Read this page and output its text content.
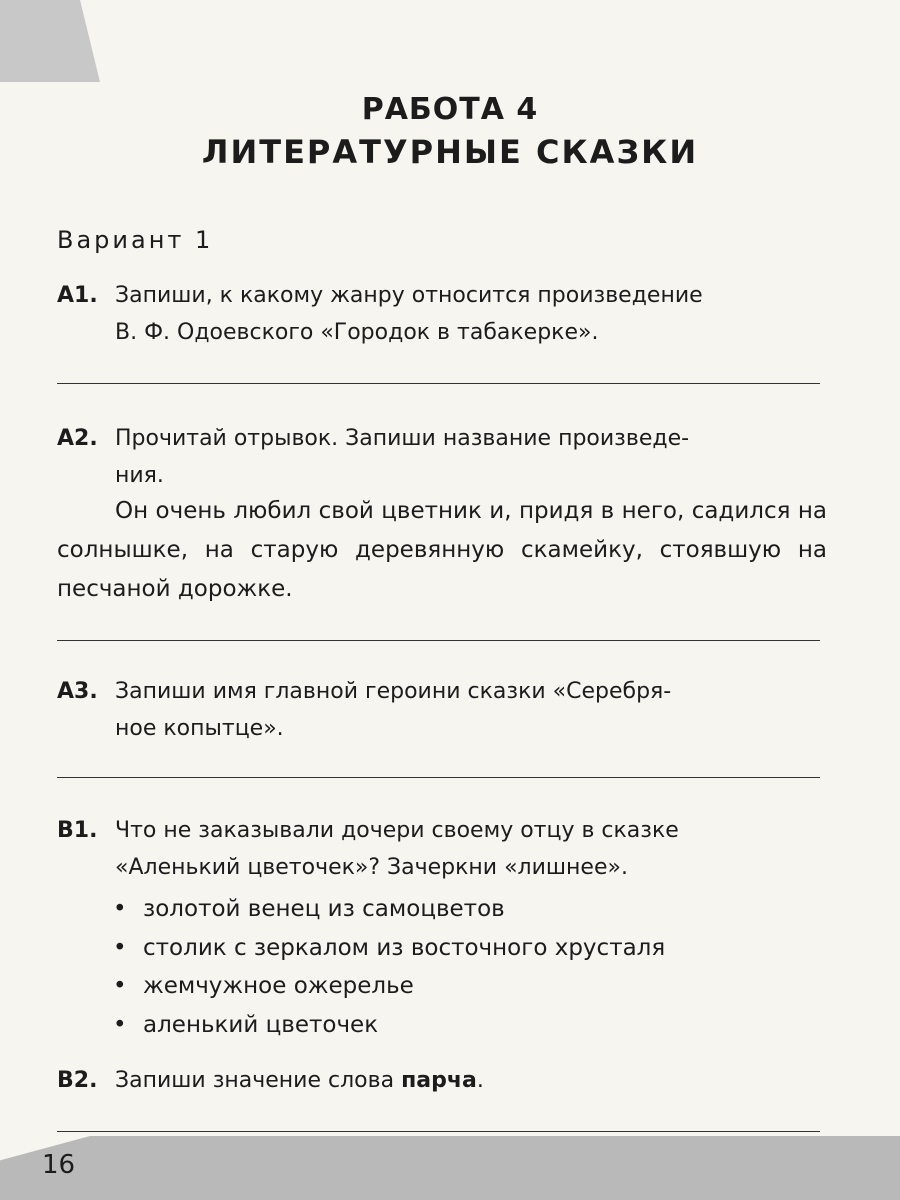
РАБОТА 4
ЛИТЕРАТУРНЫЕ СКАЗКИ
Вариант 1
А1. Запиши, к какому жанру относится произведение
В. Ф. Одоевского «Городок в табакерке».
А2. Прочитай отрывок. Запиши название произведе-
ния.
Он очень любил свой цветник и, придя в него, садился на солнышке, на старую деревянную скамейку, стоявшую на песчаной дорожке.
А3. Запиши имя главной героини сказки «Серебря-
ное копытце».
В1. Что не заказывали дочери своему отцу в сказке
«Аленький цветочек»? Зачеркни «лишнее».
• золотой венец из самоцветов
• столик с зеркалом из восточного хрусталя
• жемчужное ожерелье
• аленький цветочек
В2. Запиши значение слова парча.

16
